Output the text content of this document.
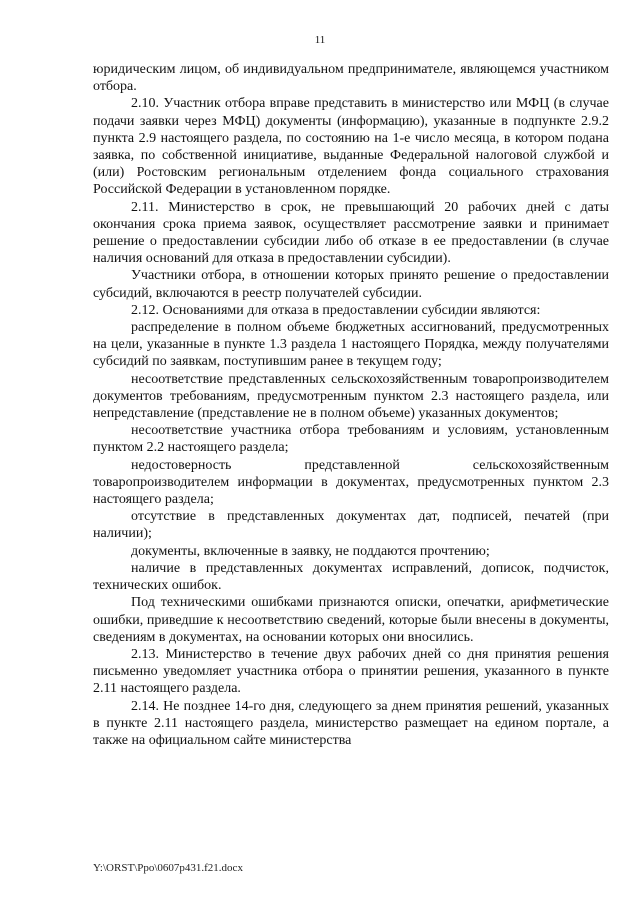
11

юридическим лицом, об индивидуальном предпринимателе, являющемся участником отбора.

2.10. Участник отбора вправе представить в министерство или МФЦ (в случае подачи заявки через МФЦ) документы (информацию), указанные в подпункте 2.9.2 пункта 2.9 настоящего раздела, по состоянию на 1-е число месяца, в котором подана заявка, по собственной инициативе, выданные Федеральной налоговой службой и (или) Ростовским региональным отделением фонда социального страхования Российской Федерации в установленном порядке.

2.11. Министерство в срок, не превышающий 20 рабочих дней с даты окончания срока приема заявок, осуществляет рассмотрение заявки и принимает решение о предоставлении субсидии либо об отказе в ее предоставлении (в случае наличия оснований для отказа в предоставлении субсидии).

Участники отбора, в отношении которых принято решение о предоставлении субсидий, включаются в реестр получателей субсидии.

2.12. Основаниями для отказа в предоставлении субсидии являются:

распределение в полном объеме бюджетных ассигнований, предусмотренных на цели, указанные в пункте 1.3 раздела 1 настоящего Порядка, между получателями субсидий по заявкам, поступившим ранее в текущем году;

несоответствие представленных сельскохозяйственным товаропроизводителем документов требованиям, предусмотренным пунктом 2.3 настоящего раздела, или непредставление (представление не в полном объеме) указанных документов;

несоответствие участника отбора требованиям и условиям, установленным пунктом 2.2 настоящего раздела;

недостоверность представленной сельскохозяйственным товаропроизводителем информации в документах, предусмотренных пунктом 2.3 настоящего раздела;

отсутствие в представленных документах дат, подписей, печатей (при наличии);

документы, включенные в заявку, не поддаются прочтению;

наличие в представленных документах исправлений, дописок, подчисток, технических ошибок.

Под техническими ошибками признаются описки, опечатки, арифметические ошибки, приведшие к несоответствию сведений, которые были внесены в документы, сведениям в документах, на основании которых они вносились.

2.13. Министерство в течение двух рабочих дней со дня принятия решения письменно уведомляет участника отбора о принятии решения, указанного в пункте 2.11 настоящего раздела.

2.14. Не позднее 14-го дня, следующего за днем принятия решений, указанных в пункте 2.11 настоящего раздела, министерство размещает на едином портале, а также на официальном сайте министерства

Y:\ORST\Ppo\0607p431.f21.docx
